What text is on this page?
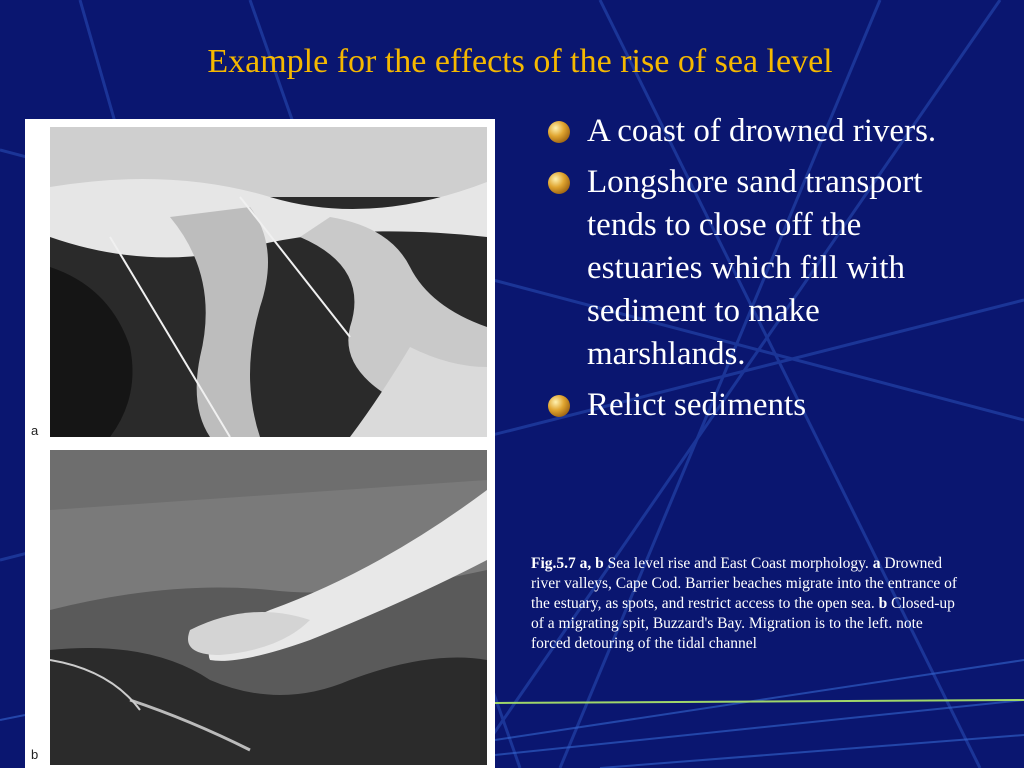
Example for the effects of the rise of sea level
a
b
A coast of drowned rivers.
Longshore sand transport tends to close off the estuaries which fill with sediment to make marshlands.
Relict sediments
Fig.5.7 a, b Sea level rise and East Coast morphology. a Drowned river valleys, Cape Cod. Barrier beaches migrate into the entrance of the estuary, as spots, and restrict access to the open sea. b Closed-up of a migrating spit, Buzzard's Bay. Migration is to the left. note forced detouring of the tidal channel
